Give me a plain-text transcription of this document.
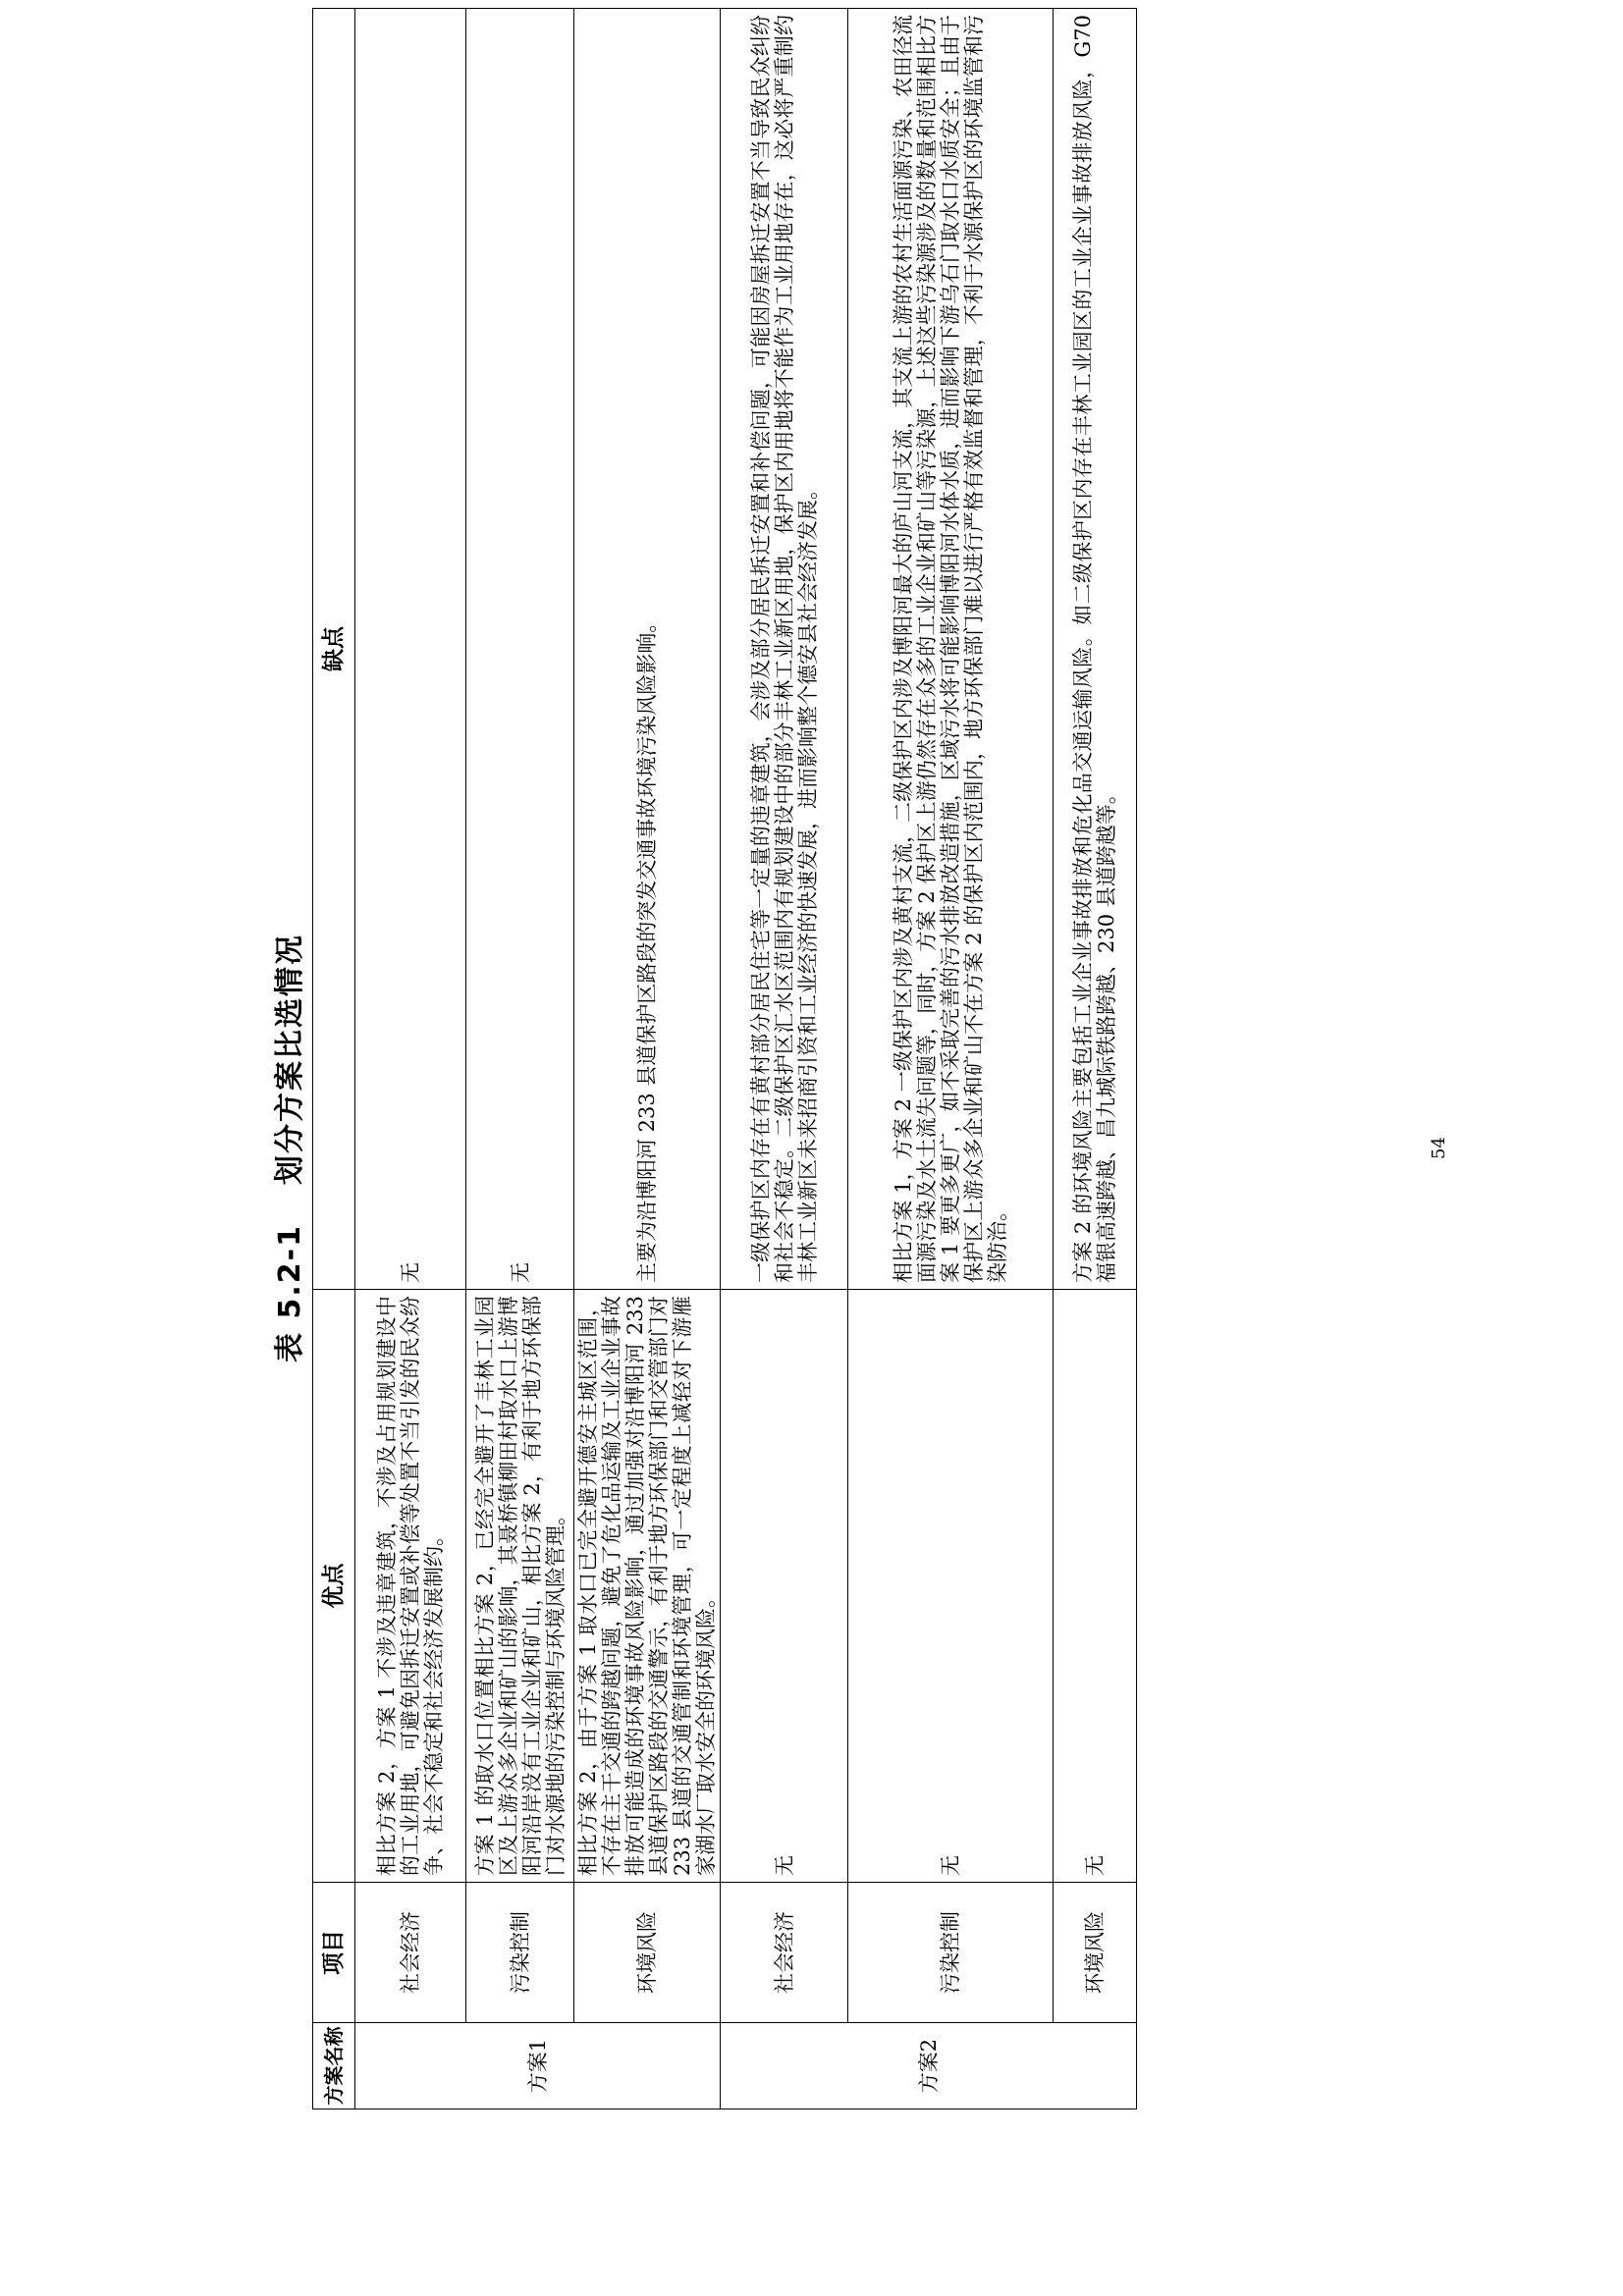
表 5.2-1划分方案比选情况
方案名称	项目	优点	缺点
方案1	社会经济	相比方案 2，方案 1 不涉及违章建筑，不涉及占用规划建设中的工业用地，可避免因拆迁安置或补偿等处置不当引发的民众纷争、社会不稳定和社会经济发展制约。	无
	污染控制	方案 1 的取水口位置相比方案 2，已经完全避开了丰林工业园区及上游众多企业和矿山的影响，其聂桥镇柳田村取水口上游博阳河沿岸没有工业企业和矿山，相比方案 2，有利于地方环保部门对水源地的污染控制与环境风险管理。	无
	环境风险	相比方案 2，由于方案 1 取水口已完全避开德安主城区范围，不存在主干交通的跨越问题，避免了危化品运输及工业企业事故排放可能造成的环境事故风险影响，通过加强对沿博阳河 233 县道保护区路段的交通警示，有利于地方环保部门和交管部门对 233 县道的交通管制和环境管理，可一定程度上减轻对下游雁家湖水厂取水安全的环境风险。	主要为沿博阳河 233 县道保护区路段的突发交通事故环境污染风险影响。
方案2	社会经济	无	一级保护区内存在有黄村部分居民住宅等一定量的违章建筑，会涉及部分居民拆迁安置和补偿问题，可能因房屋拆迁安置不当导致民众纠纷和社会不稳定。二级保护区汇水区范围内有规划建设中的部分丰林工业新区用地，保护区内用地将不能作为工业用地存在，这必将严重制约丰林工业新区未来招商引资和工业经济的快速发展，进而影响整个德安县社会经济发展。
	污染控制	无	相比方案 1，方案 2 一级保护区内涉及黄村支流，二级保护区内涉及博阳河最大的庐山河支流，其支流上游的农村生活面源污染、农田径流面源污染及水土流失问题等，同时，方案 2 保护区上游仍然存在众多的工业企业和矿山等污染源，上述这些污染源涉及的数量和范围相比方案 1 要更多更广，如不采取完善的污水排放改造措施，区域污水将可能影响博阳河水体水质，进而影响下游乌石门取水口水质安全；且由于保护区上游众多企业和矿山不在方案 2 的保护区内范围内，地方环保部门难以进行严格有效监督和管理，不利于水源保护区的环境监管和污染防治。
	环境风险	无	方案 2 的环境风险主要包括工业企业事故排放和危化品交通运输风险。如二级保护区内存在丰林工业园区的工业企业事故排放风险，G70 福银高速跨越、昌九城际铁路跨越、230 县道跨越等。	54
